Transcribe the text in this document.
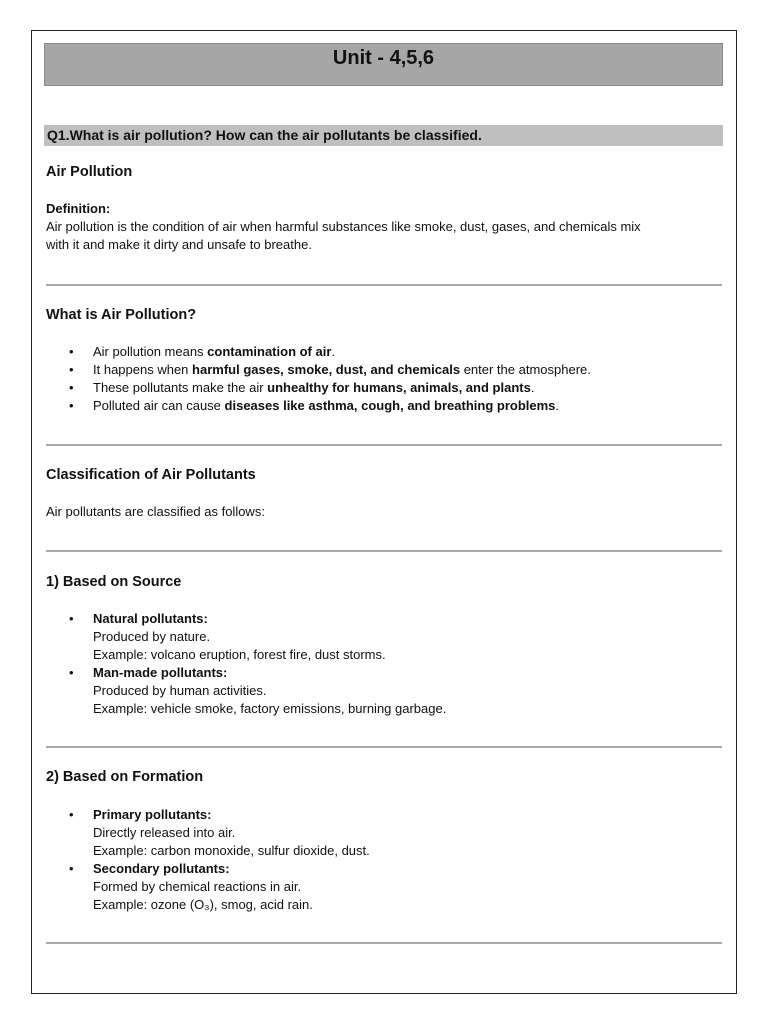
Unit - 4,5,6
Q1.What is air pollution? How can the air pollutants be classified.
Air Pollution
Definition:
Air pollution is the condition of air when harmful substances like smoke, dust, gases, and chemicals mix
with it and make it dirty and unsafe to breathe.
What is Air Pollution?
• Air pollution means contamination of air.
• It happens when harmful gases, smoke, dust, and chemicals enter the atmosphere.
• These pollutants make the air unhealthy for humans, animals, and plants.
• Polluted air can cause diseases like asthma, cough, and breathing problems.
Classification of Air Pollutants
Air pollutants are classified as follows:
1) Based on Source
• Natural pollutants:
Produced by nature.
Example: volcano eruption, forest fire, dust storms.
• Man-made pollutants:
Produced by human activities.
Example: vehicle smoke, factory emissions, burning garbage.
2) Based on Formation
• Primary pollutants:
Directly released into air.
Example: carbon monoxide, sulfur dioxide, dust.
• Secondary pollutants:
Formed by chemical reactions in air.
Example: ozone (O₃), smog, acid rain.
